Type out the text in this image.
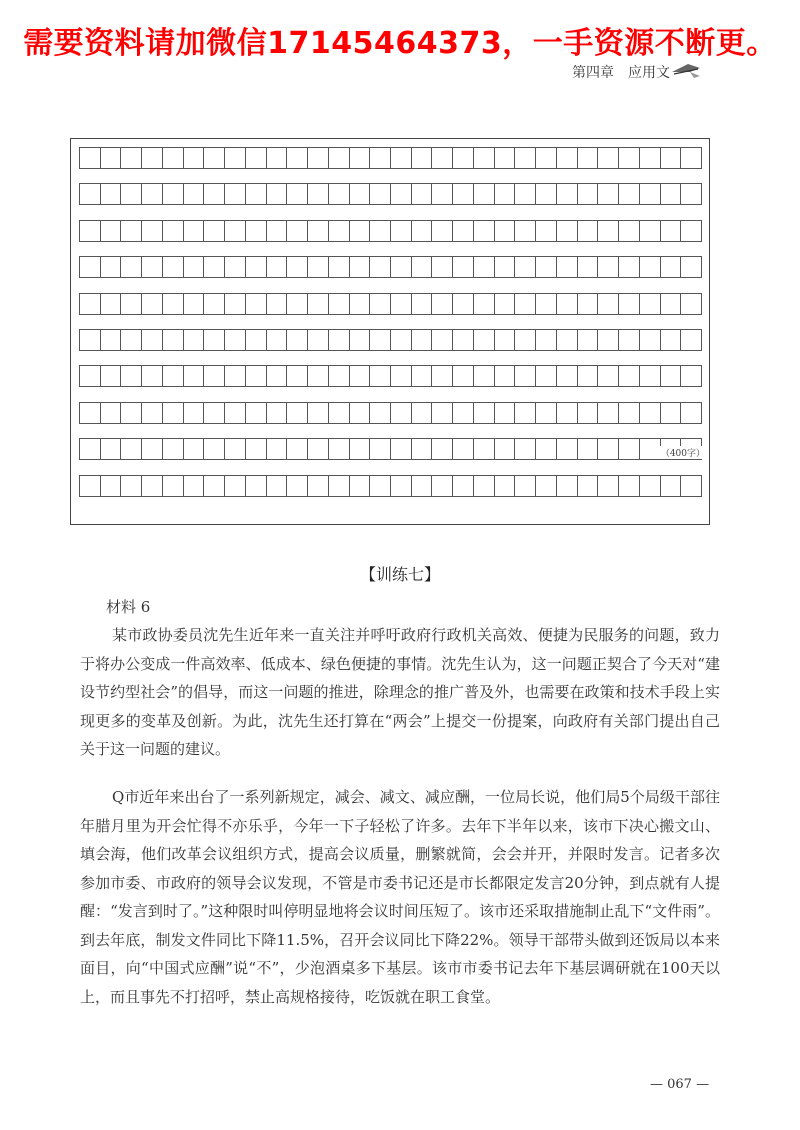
需要资料请加微信17145464373，一手资源不断更。
第四章　应用文
（400字）
【训练七】
材料 6

某市政协委员沈先生近年来一直关注并呼吁政府行政机关高效、便捷为民服务的问题，致力于将办公变成一件高效率、低成本、绿色便捷的事情。沈先生认为，这一问题正契合了今天对“建设节约型社会”的倡导，而这一问题的推进，除理念的推广普及外，也需要在政策和技术手段上实现更多的变革及创新。为此，沈先生还打算在“两会”上提交一份提案，向政府有关部门提出自己关于这一问题的建议。

Q市近年来出台了一系列新规定，减会、减文、减应酬，一位局长说，他们局5个局级干部往年腊月里为开会忙得不亦乐乎，今年一下子轻松了许多。去年下半年以来，该市下决心搬文山、填会海，他们改革会议组织方式，提高会议质量，删繁就简，会会并开，并限时发言。记者多次参加市委、市政府的领导会议发现，不管是市委书记还是市长都限定发言20分钟，到点就有人提醒：“发言到时了。”这种限时叫停明显地将会议时间压短了。该市还采取措施制止乱下“文件雨”。到去年底，制发文件同比下降11.5%，召开会议同比下降22%。领导干部带头做到还饭局以本来面目，向“中国式应酬”说“不”，少泡酒桌多下基层。该市市委书记去年下基层调研就在100天以上，而且事先不打招呼，禁止高规格接待，吃饭就在职工食堂。

— 067 —
